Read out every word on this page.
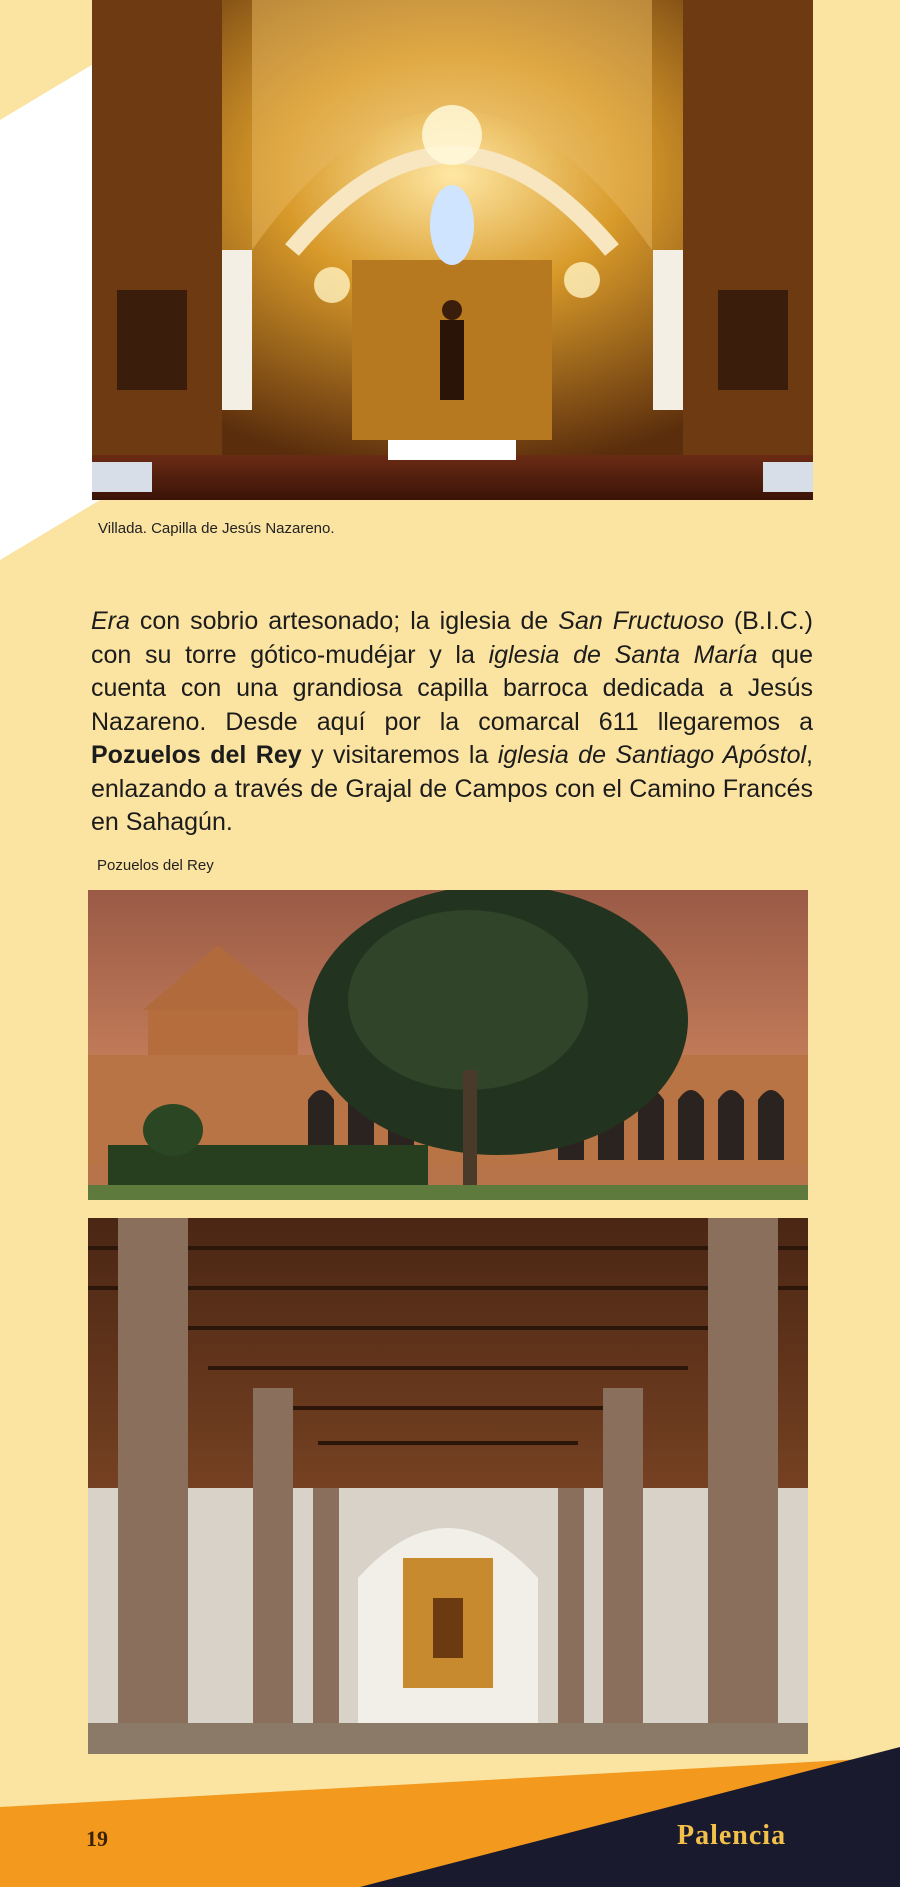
Villada. Capilla de Jesús Nazareno.

Era con sobrio artesonado; la iglesia de San Fructuoso (B.I.C.) con su torre gótico-mudéjar y la iglesia de Santa María que cuenta con una grandiosa capilla barroca dedicada a Jesús Nazareno. Desde aquí por la comarcal 611 llegaremos a Pozuelos del Rey y visitaremos la iglesia de Santiago Apóstol, enlazando a través de Grajal de Campos con el Camino Francés en Sahagún.

Pozuelos del Rey
19	Palencia
